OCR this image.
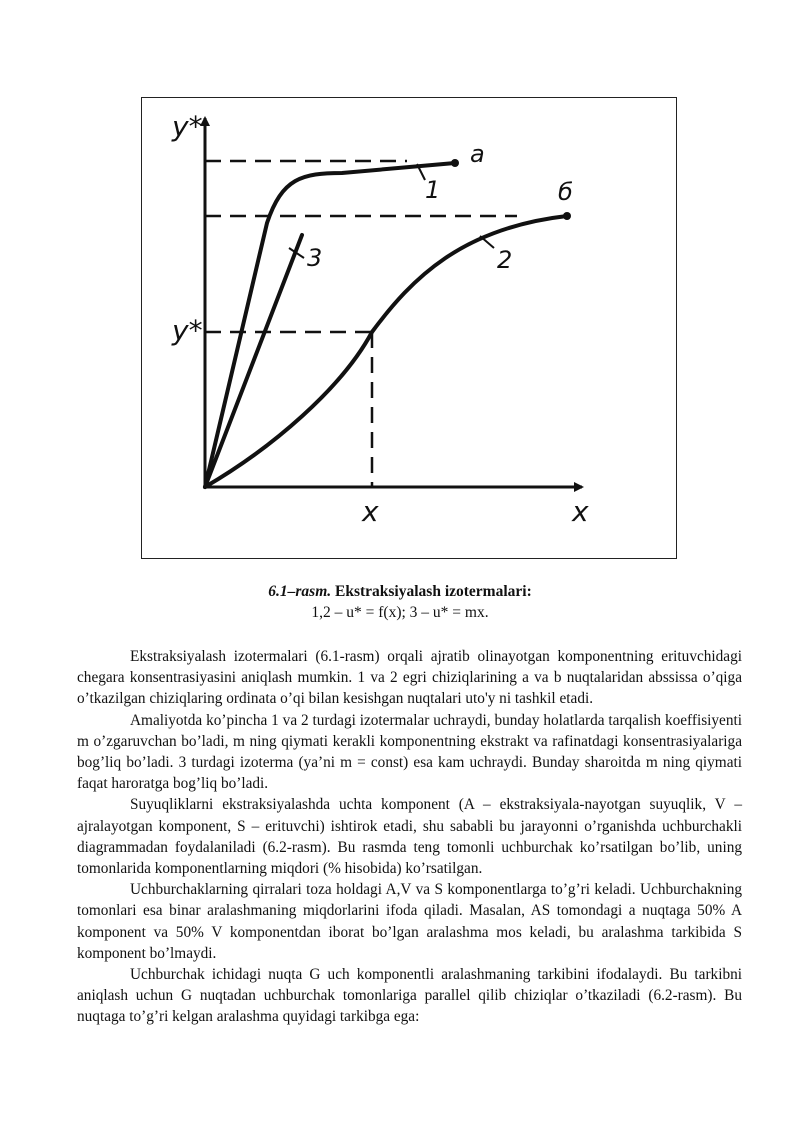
y*
y*
x	x
a
б
1
2
3
6.1–rasm. Ekstraksiyalash izotermalari:
1,2 – u* = f(x); 3 – u* = mx.

Ekstraksiyalash izotermalari (6.1-rasm) orqali ajratib olinayotgan komponentning erituvchidagi chegara konsentrasiyasini aniqlash mumkin. 1 va 2 egri chiziqlarining a va b nuqtalaridan abssissa o’qiga o’tkazilgan chiziqlaring ordinata o’qi bilan kesishgan nuqtalari uto'y ni tashkil etadi.

Amaliyotda ko’pincha 1 va 2 turdagi izotermalar uchraydi, bunday holatlarda tarqalish koeffisiyenti m o’zgaruvchan bo’ladi, m ning qiymati kerakli komponentning ekstrakt va rafinatdagi konsentrasiyalariga bog’liq bo’ladi. 3 turdagi izoterma (ya’ni m = const) esa kam uchraydi. Bunday sharoitda m ning qiymati faqat haroratga bog’liq bo’ladi.

Suyuqliklarni ekstraksiyalashda uchta komponent (A – ekstraksiyala-nayotgan suyuqlik, V – ajralayotgan komponent, S – erituvchi) ishtirok etadi, shu sababli bu jarayonni o’rganishda uchburchakli diagrammadan foydalaniladi (6.2-rasm). Bu rasmda teng tomonli uchburchak ko’rsatilgan bo’lib, uning tomonlarida komponentlarning miqdori (% hisobida) ko’rsatilgan.

Uchburchaklarning qirralari toza holdagi A,V va S komponentlarga to’g’ri keladi. Uchburchakning tomonlari esa binar aralashmaning miqdorlarini ifoda qiladi. Masalan, AS tomondagi a nuqtaga 50% A komponent va 50% V komponentdan iborat bo’lgan aralashma mos keladi, bu aralashma tarkibida S komponent bo’lmaydi.

Uchburchak ichidagi nuqta G uch komponentli aralashmaning tarkibini ifodalaydi. Bu tarkibni aniqlash uchun G nuqtadan uchburchak tomonlariga parallel qilib chiziqlar o’tkaziladi (6.2-rasm). Bu nuqtaga to’g’ri kelgan aralashma quyidagi tarkibga ega:
